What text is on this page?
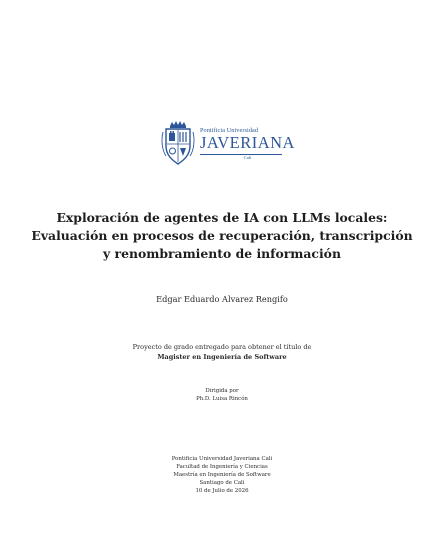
Pontificia Universidad
JAVERIANA
Cali
Exploración de agentes de IA con LLMs locales:
Evaluación en procesos de recuperación, transcripción
y renombramiento de información
Edgar Eduardo Alvarez Rengifo
Proyecto de grado entregado para obtener el título de
Magister en Ingeniería de Software
Dirigida por
Ph.D. Luisa Rincón
Pontificia Universidad Javeriana Cali
Facultad de Ingeniería y Ciencias
Maestría en Ingeniería de Software
Santiago de Cali
10 de Julio de 2026
